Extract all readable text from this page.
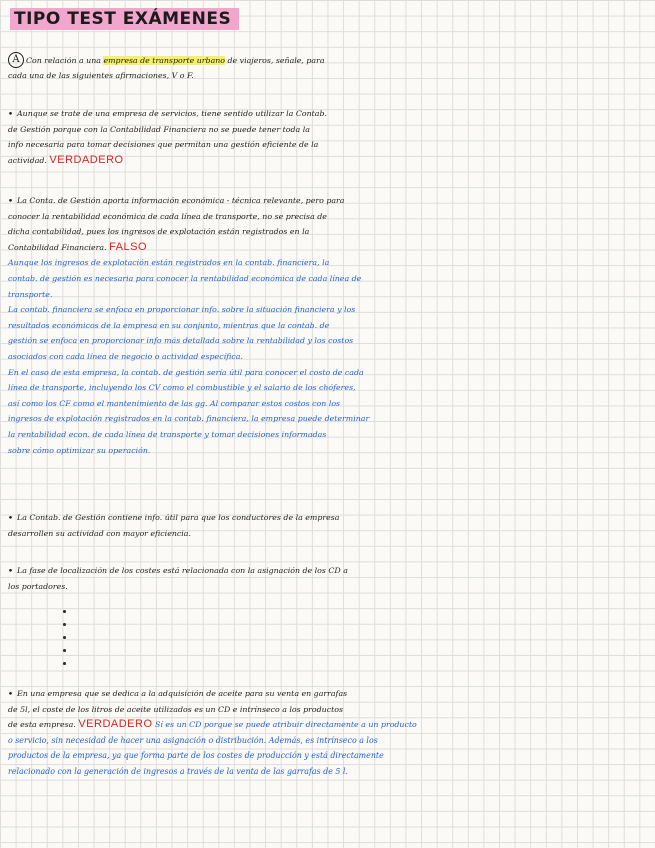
TIPO TEST EXÁMENES
A Con relación a una empresa de transporte urbano de viajeros, señale, para
cada una de las siguientes afirmaciones, V o F.
• Aunque se trate de una empresa de servicios, tiene sentido utilizar la Contab.
de Gestión porque con la Contabilidad Financiera no se puede tener toda la
info necesaria para tomar decisiones que permitan una gestión eficiente de la
actividad. VERDADERO
• La Conta. de Gestión aporta información económica - técnica relevante, pero para
conocer la rentabilidad económica de cada línea de transporte, no se precisa de
dicha contabilidad, pues los ingresos de explotación están registrados en la
Contabilidad Financiera. FALSO
Aunque los ingresos de explotación están registrados en la contab. financiera, la
contab. de gestión es necesaria para conocer la rentabilidad económica de cada línea de
transporte.
La contab. financiera se enfoca en proporcionar info. sobre la situación financiera y los
resultados económicos de la empresa en su conjunto, mientras que la contab. de
gestión se enfoca en proporcionar info más detallada sobre la rentabilidad y los costos
asociados con cada línea de negocio o actividad específica.
En el caso de esta empresa, la contab. de gestión sería útil para conocer el costo de cada
línea de transporte, incluyendo los CV como el combustible y el salario de los chóferes,
así como los CF como el mantenimiento de las gg. Al comparar estos costos con los
ingresos de explotación registrados en la contab. financiera, la empresa puede determinar
la rentabilidad econ. de cada línea de transporte y tomar decisiones informadas
sobre cómo optimizar su operación.
• La Contab. de Gestión contiene info. útil para que los conductores de la empresa
desarrollen su actividad con mayor eficiencia.
• La fase de localización de los costes está relacionada con la asignación de los CD a
los portadores.
• En una empresa que se dedica a la adquisición de aceite para su venta en garrafas
de 5l, el coste de los litros de aceite utilizados es un CD e intrínseco a los productos
de esta empresa. VERDADERO Sí es un CD porque se puede atribuir directamente a un producto
o servicio, sin necesidad de hacer una asignación o distribución. Además, es intrínseco a los
productos de la empresa, ya que forma parte de los costes de producción y está directamente
relacionado con la generación de ingresos a través de la venta de las garrafas de 5 l.
